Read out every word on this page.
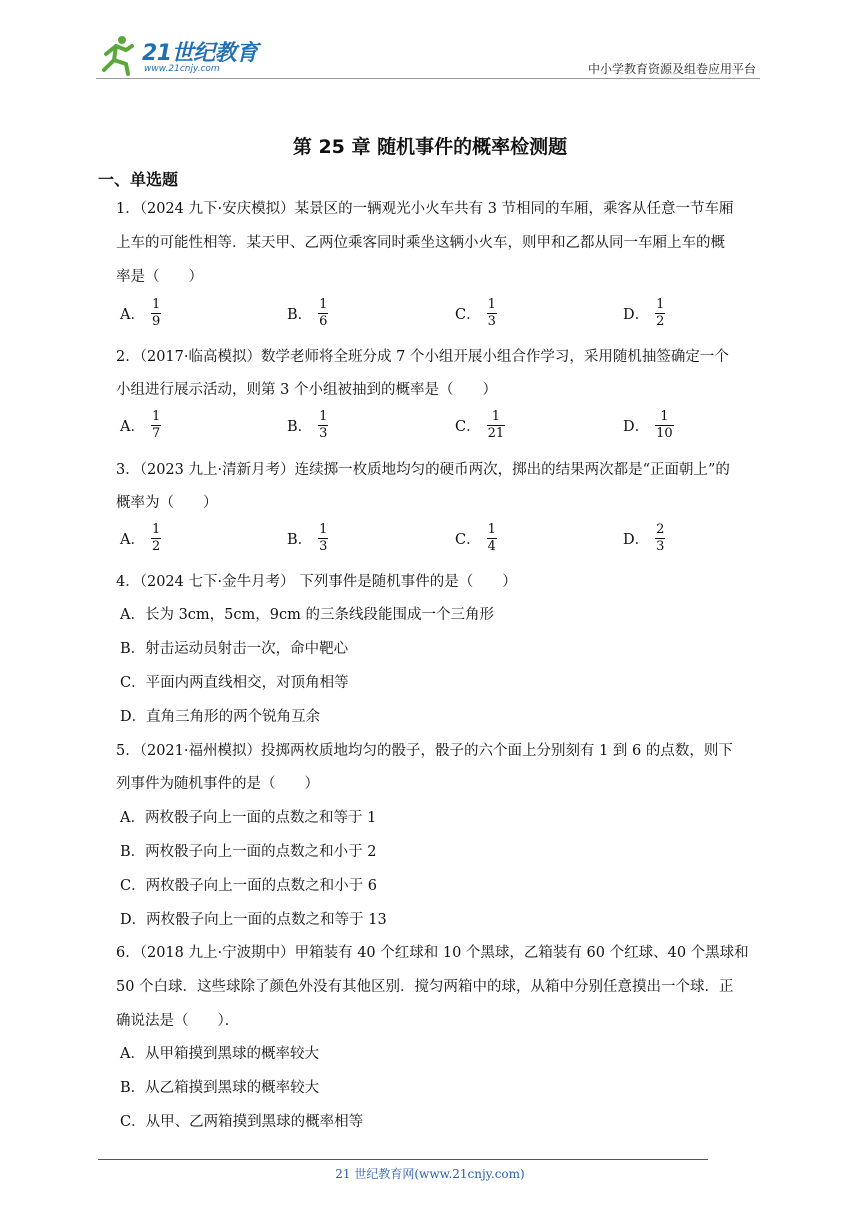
21世纪教育
www.21cnjy.com	中小学教育资源及组卷应用平台
第 25 章 随机事件的概率检测题
一、单选题
1．（2024 九下·安庆模拟）某景区的一辆观光小火车共有 3 节相同的车厢，乘客从任意一节车厢
上车的可能性相等．某天甲、乙两位乘客同时乘坐这辆小火车，则甲和乙都从同一车厢上车的概
率是（　　）
A． $\frac{1}{9}$	B． $\frac{1}{6}$	C． $\frac{1}{3}$	D． $\frac{1}{2}$
2．（2017·临高模拟）数学老师将全班分成 7 个小组开展小组合作学习，采用随机抽签确定一个
小组进行展示活动，则第 3 个小组被抽到的概率是（　　）
A． $\frac{1}{7}$	B． $\frac{1}{3}$	C． $\frac{1}{21}$	D． $\frac{1}{10}$
3．（2023 九上·清新月考）连续掷一枚质地均匀的硬币两次，掷出的结果两次都是“正面朝上”的
概率为（　　）
A． $\frac{1}{2}$	B． $\frac{1}{3}$	C． $\frac{1}{4}$	D． $\frac{2}{3}$
4．（2024 七下·金牛月考） 下列事件是随机事件的是（　　）
A．长为 3cm，5cm，9cm 的三条线段能围成一个三角形
B．射击运动员射击一次，命中靶心
C．平面内两直线相交，对顶角相等
D．直角三角形的两个锐角互余
5．（2021·福州模拟）投掷两枚质地均匀的骰子，骰子的六个面上分别刻有 1 到 6 的点数，则下
列事件为随机事件的是（　　）
A．两枚骰子向上一面的点数之和等于 1
B．两枚骰子向上一面的点数之和小于 2
C．两枚骰子向上一面的点数之和小于 6
D．两枚骰子向上一面的点数之和等于 13
6．（2018 九上·宁波期中）甲箱装有 40 个红球和 10 个黑球，乙箱装有 60 个红球、40 个黑球和
50 个白球．这些球除了颜色外没有其他区别．搅匀两箱中的球，从箱中分别任意摸出一个球．正
确说法是（　　）．
A．从甲箱摸到黑球的概率较大
B．从乙箱摸到黑球的概率较大
C．从甲、乙两箱摸到黑球的概率相等
21 世纪教育网(www.21cnjy.com)
